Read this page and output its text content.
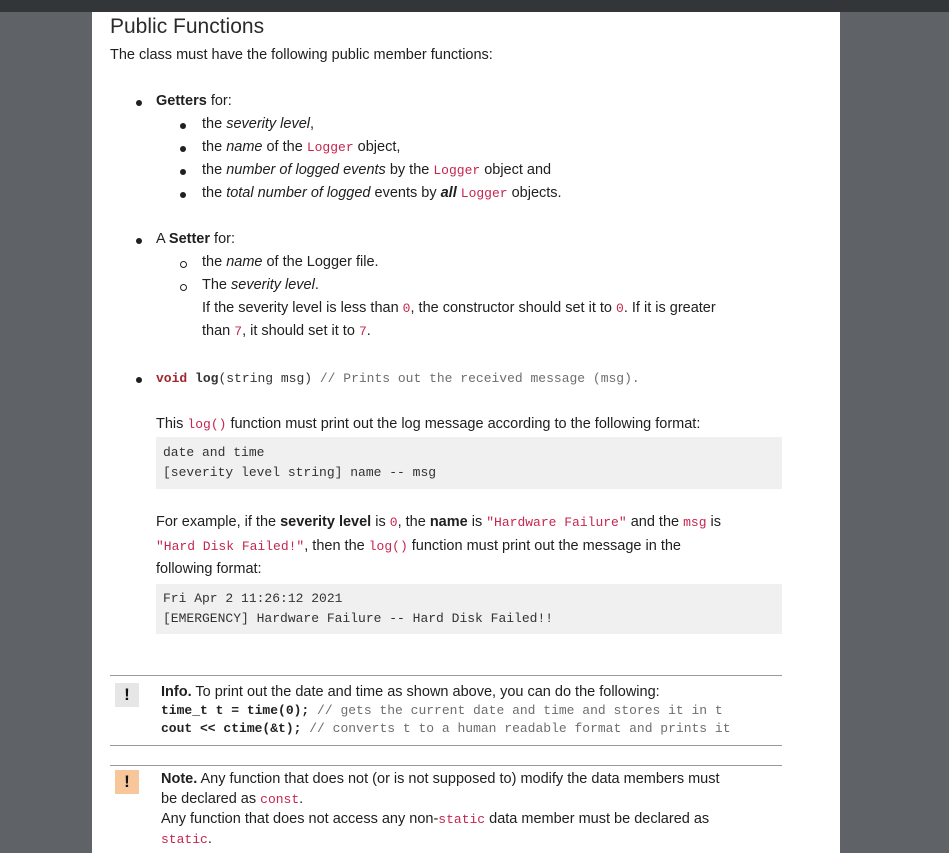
Public Functions
The class must have the following public member functions:
Getters for:
the severity level,
the name of the Logger object,
the number of logged events by the Logger object and
the total number of logged events by all Logger objects.
A Setter for:
the name of the Logger file.
The severity level.
If the severity level is less than 0, the constructor should set it to 0. If it is greater
than 7, it should set it to 7.
void log(string msg) // Prints out the received message (msg).
This log() function must print out the log message according to the following format:
date and time
[severity level string] name -- msg
For example, if the severity level is 0, the name is "Hardware Failure" and the msg is
"Hard Disk Failed!", then the log() function must print out the message in the
following format:
Fri Apr 2 11:26:12 2021
[EMERGENCY] Hardware Failure -- Hard Disk Failed!!
!	Info. To print out the date and time as shown above, you can do the following:
time_t t = time(0); // gets the current date and time and stores it in t
cout << ctime(&t); // converts t to a human readable format and prints it
!	Note. Any function that does not (or is not supposed to) modify the data members must
be declared as const.
Any function that does not access any non-static data member must be declared as
static.
